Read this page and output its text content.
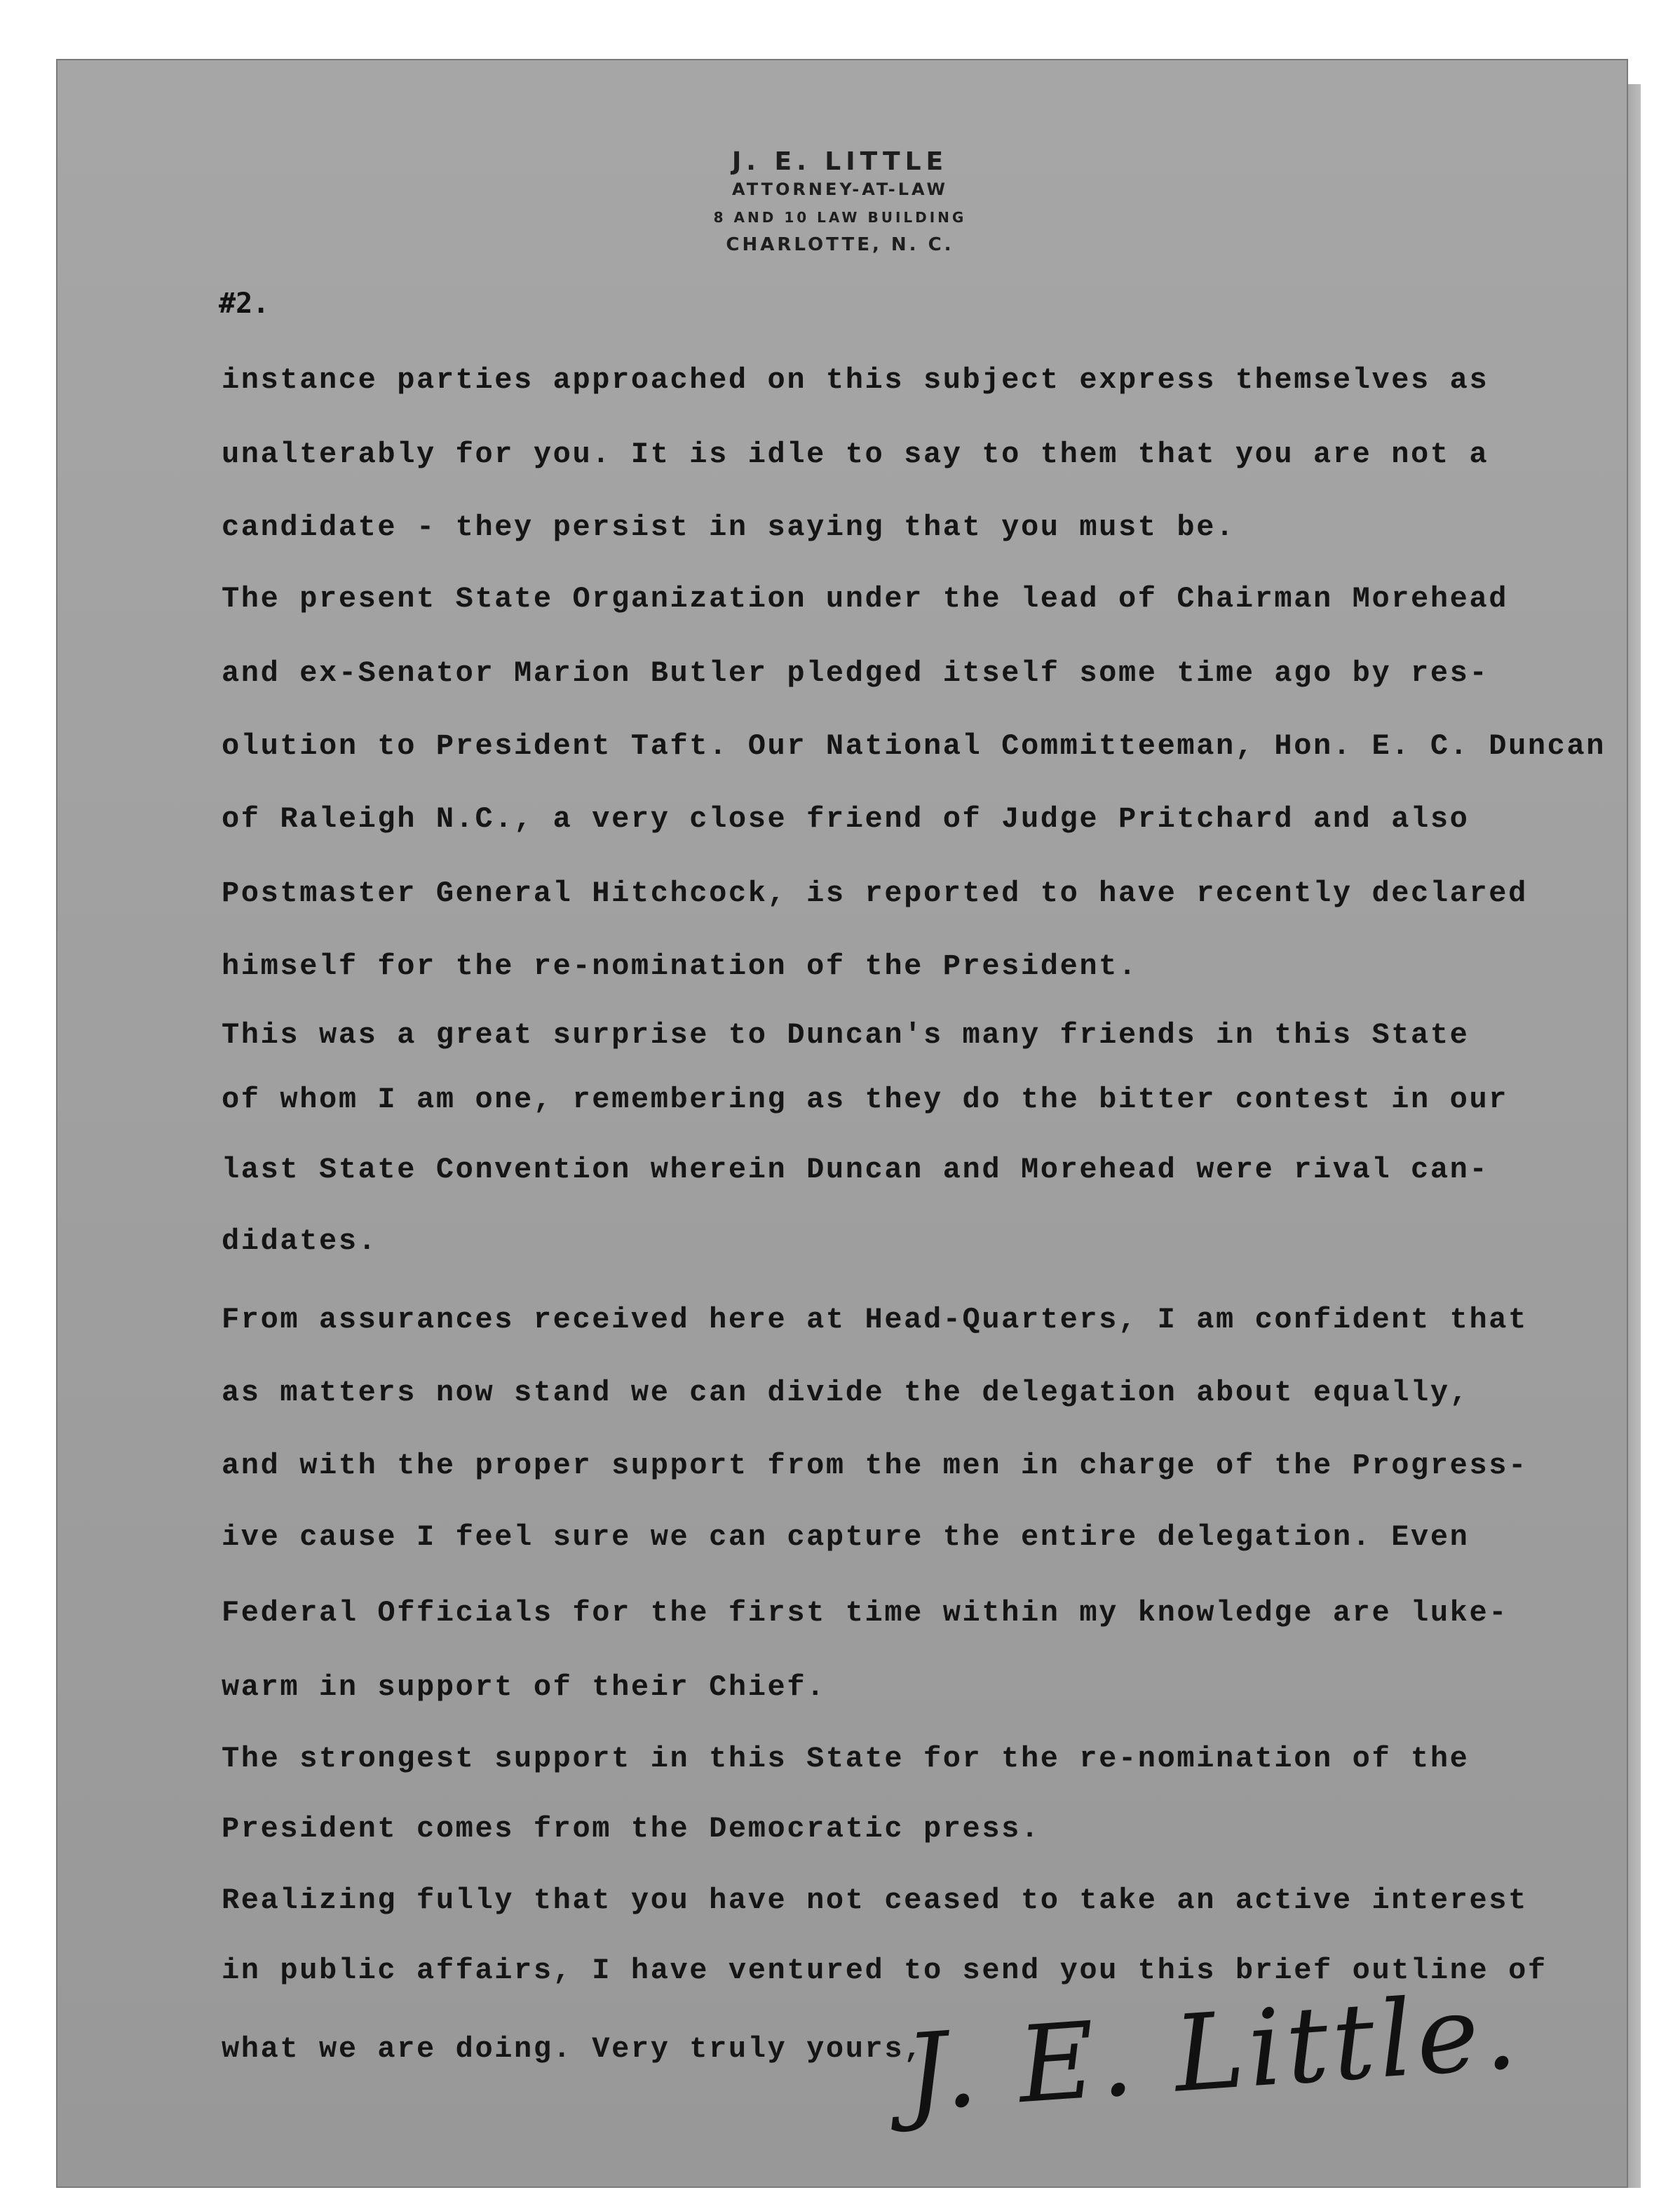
J. E. LITTLE
ATTORNEY-AT-LAW
8 AND 10 LAW BUILDING
CHARLOTTE, N. C.
#2.
instance parties approached on this subject express themselves as
unalterably for you. It is idle to say to them that you are not a
candidate - they persist in saying that you must be.
The present State Organization under the lead of Chairman Morehead
and ex-Senator Marion Butler pledged itself some time ago by res-
olution to President Taft. Our National Committeeman, Hon. E. C. Duncan
of Raleigh N.C., a very close friend of Judge Pritchard and also
Postmaster General Hitchcock, is reported to have recently declared
himself for the re-nomination of the President.
This was a great surprise to Duncan's many friends in this State
of whom I am one, remembering as they do the bitter contest in our
last State Convention wherein Duncan and Morehead were rival can-
didates.
From assurances received here at Head-Quarters, I am confident that
as matters now stand we can divide the delegation about equally,
and with the proper support from the men in charge of the Progress-
ive cause I feel sure we can capture the entire delegation. Even
Federal Officials for the first time within my knowledge are luke-
warm in support of their Chief.
The strongest support in this State for the re-nomination of the
President comes from the Democratic press.
Realizing fully that you have not ceased to take an active interest
in public affairs, I have ventured to send you this brief outline of
what we are doing. Very truly yours,
J. E. Little.
